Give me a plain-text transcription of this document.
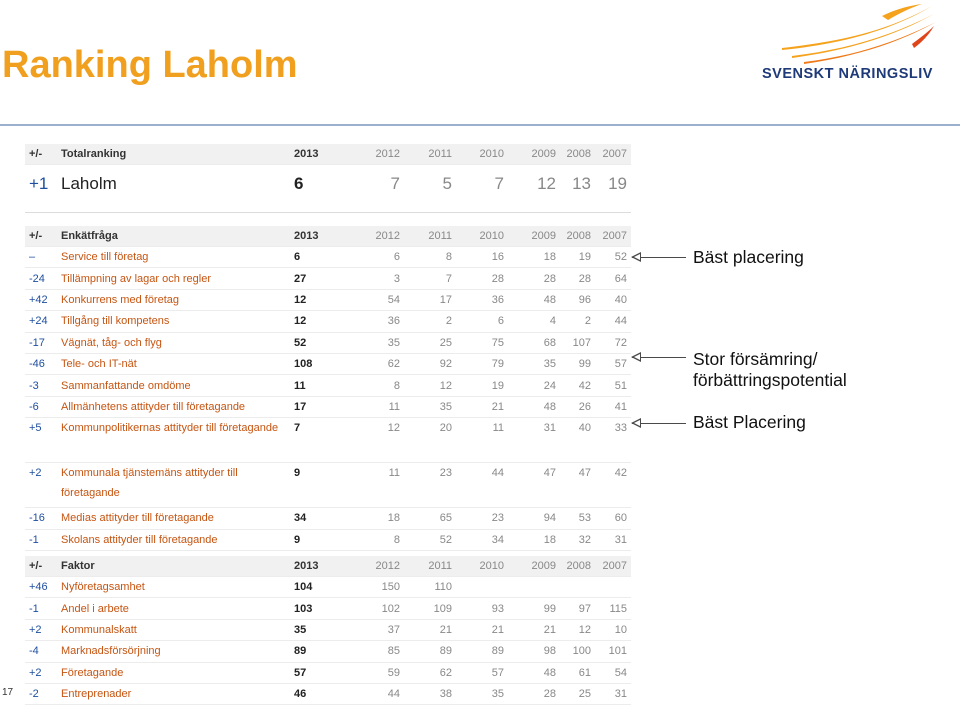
Ranking Laholm	SVENSKT NÄRINGSLIV
+/-	Totalranking	2013	2012	2011	2010	2009	2008	2007
+1	Laholm	6	7	5	7	12	13	19
+/-	Enkätfråga	2013	2012	2011	2010	2009	2008	2007
–	Service till företag	6	6	8	16	18	19	52
-24	Tillämpning av lagar och regler	27	3	7	28	28	28	64
+42	Konkurrens med företag	12	54	17	36	48	96	40
+24	Tillgång till kompetens	12	36	2	6	4	2	44
-17	Vägnät, tåg- och flyg	52	35	25	75	68	107	72
-46	Tele- och IT-nät	108	62	92	79	35	99	57
-3	Sammanfattande omdöme	11	8	12	19	24	42	51
-6	Allmänhetens attityder till företagande	17	11	35	21	48	26	41
+5	Kommunpolitikernas attityder till företagande	7	12	20	11	31	40	33
+2	Kommunala tjänstemäns attityder till företagande	9	11	23	44	47	47	42
-16	Medias attityder till företagande	34	18	65	23	94	53	60
-1	Skolans attityder till företagande	9	8	52	34	18	32	31
+/-	Faktor	2013	2012	2011	2010	2009	2008	2007
+46	Nyföretagsamhet	104	150	110				
-1	Andel i arbete	103	102	109	93	99	97	115
+2	Kommunalskatt	35	37	21	21	21	12	10
-4	Marknadsförsörjning	89	85	89	89	98	100	101
+2	Företagande	57	59	62	57	48	61	54
-2	Entreprenader	46	44	38	35	28	25	31
Bäst placering
Stor försämring/
förbättringspotential
Bäst Placering
17
